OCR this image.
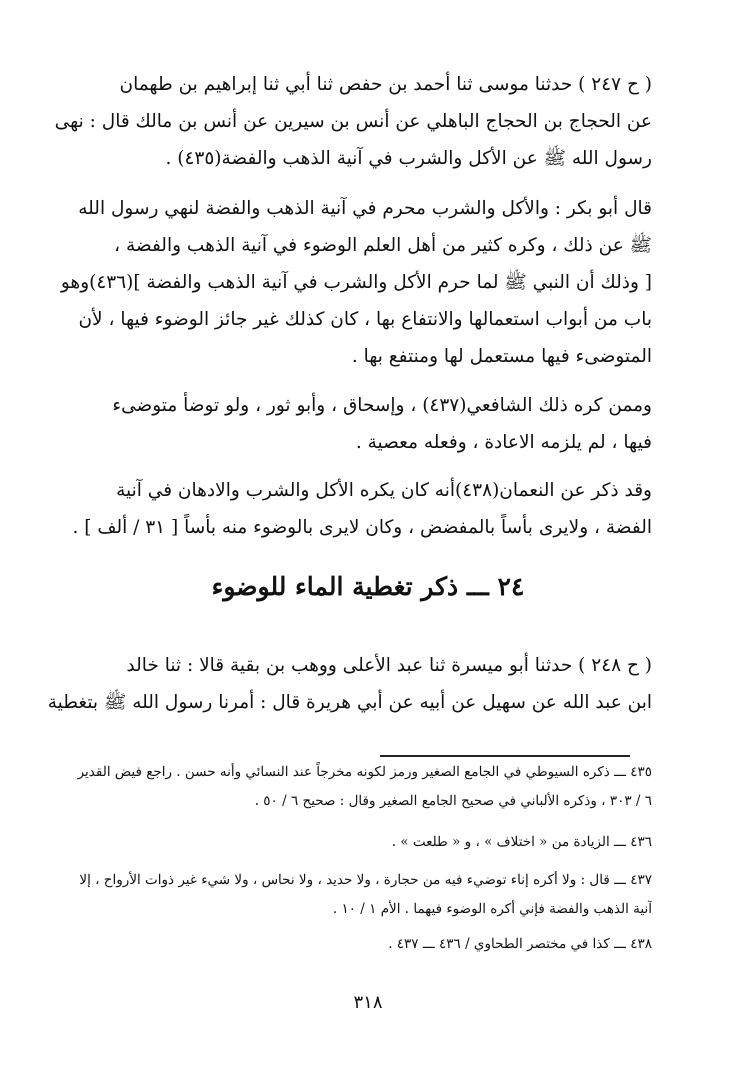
( ح ٢٤٧ ) حدثنا موسى ثنا أحمد بن حفص ثنا أبي ثنا إبراهيم بن طهمان
عن الحجاج بن الحجاج الباهلي عن أنس بن سيرين عن أنس بن مالك قال : نهى
رسول الله ﷺ عن الأكل والشرب في آنية الذهب والفضة(٤٣٥) .
قال أبو بكر : والأكل والشرب محرم في آنية الذهب والفضة لنهي رسول الله
ﷺ عن ذلك ، وكره كثير من أهل العلم الوضوء في آنية الذهب والفضة ،
[ وذلك أن النبي ﷺ لما حرم الأكل والشرب في آنية الذهب والفضة ](٤٣٦)وهو
باب من أبواب استعمالها والانتفاع بها ، كان كذلك غير جائز الوضوء فيها ، لأن
المتوضىء فيها مستعمل لها ومنتفع بها .
وممن كره ذلك الشافعي(٤٣٧) ، وإسحاق ، وأبو ثور ، ولو توضأ متوضىء
فيها ، لم يلزمه الاعادة ، وفعله معصية .
وقد ذكر عن النعمان(٤٣٨)أنه كان يكره الأكل والشرب والادهان في آنية
الفضة ، ولايرى بأساً بالمفضض ، وكان لايرى بالوضوء منه بأساً [ ٣١ / ألف ] .
٢٤ ـــ ذكر تغطية الماء للوضوء
( ح ٢٤٨ ) حدثنا أبو ميسرة ثنا عبد الأعلى ووهب بن بقية قالا : ثنا خالد
ابن عبد الله عن سهيل عن أبيه عن أبي هريرة قال : أمرنا رسول الله ﷺ بتغطية
٤٣٥ ـــ ذكره السيوطي في الجامع الصغير ورمز لكونه مخرجاً عند النسائي وأنه حسن . راجع فيض القدير
٦ / ٣٠٣ ، وذكره الألباني في صحيح الجامع الصغير وقال : صحيح ٦ / ٥٠ .
٤٣٦ ـــ الزيادة من « اختلاف » ، و « طلعت » .
٤٣٧ ـــ قال : ولا أكره إناء توضيء فيه من حجارة ، ولا حديد ، ولا نحاس ، ولا شيء غير ذوات الأرواح ، إلا
آنية الذهب والفضة فإني أكره الوضوء فيهما . الأم ١ / ١٠ .
٤٣٨ ـــ كذا في مختصر الطحاوي / ٤٣٦ ـــ ٤٣٧ .
٣١٨
